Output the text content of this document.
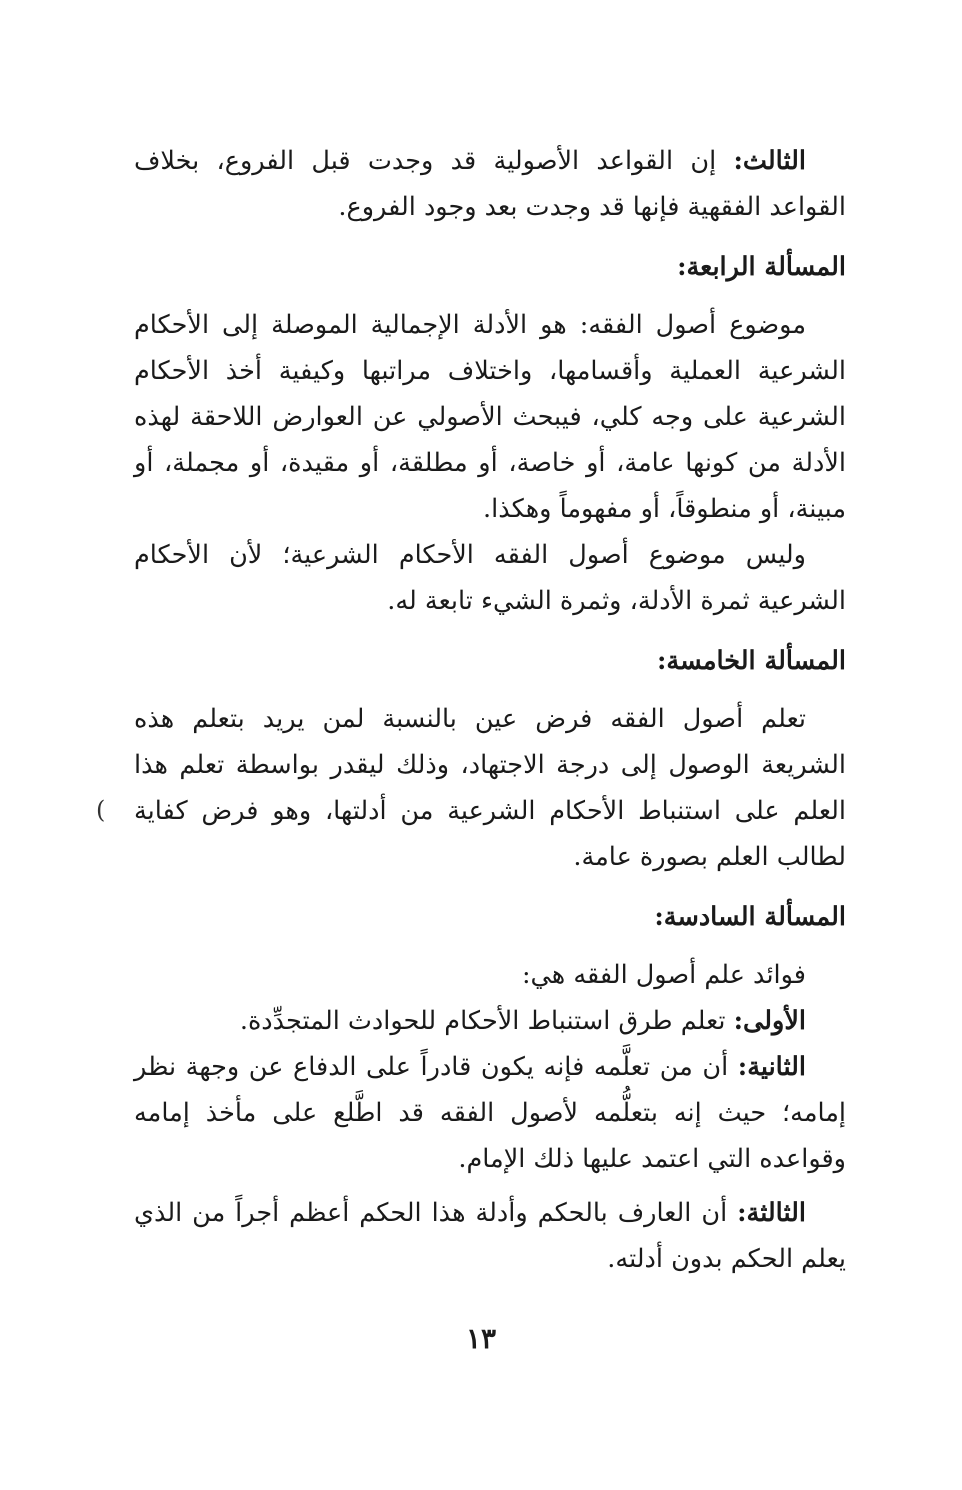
الثالث: إن القواعد الأصولية قد وجدت قبل الفروع، بخلاف القواعد الفقهية فإنها قد وجدت بعد وجود الفروع.

المسألة الرابعة:

موضوع أصول الفقه: هو الأدلة الإجمالية الموصلة إلى الأحكام الشرعية العملية وأقسامها، واختلاف مراتبها وكيفية أخذ الأحكام الشرعية على وجه كلي، فيبحث الأصولي عن العوارض اللاحقة لهذه الأدلة من كونها عامة، أو خاصة، أو مطلقة، أو مقيدة، أو مجملة، أو مبينة، أو منطوقاً، أو مفهوماً وهكذا.

وليس موضوع أصول الفقه الأحكام الشرعية؛ لأن الأحكام الشرعية ثمرة الأدلة، وثمرة الشيء تابعة له.

المسألة الخامسة:

تعلم أصول الفقه فرض عين بالنسبة لمن يريد بتعلم هذه الشريعة الوصول إلى درجة الاجتهاد، وذلك ليقدر بواسطة تعلم هذا العلم على استنباط الأحكام الشرعية من أدلتها، وهو فرض كفاية لطالب العلم بصورة عامة.

المسألة السادسة:

فوائد علم أصول الفقه هي:

الأولى: تعلم طرق استنباط الأحكام للحوادث المتجدِّدة.

الثانية: أن من تعلَّمه فإنه يكون قادراً على الدفاع عن وجهة نظر إمامه؛ حيث إنه بتعلُّمه لأصول الفقه قد اطَّلع على مأخذ إمامه وقواعده التي اعتمد عليها ذلك الإمام.

الثالثة: أن العارف بالحكم وأدلة هذا الحكم أعظم أجراً من الذي يعلم الحكم بدون أدلته.

)
١٣
